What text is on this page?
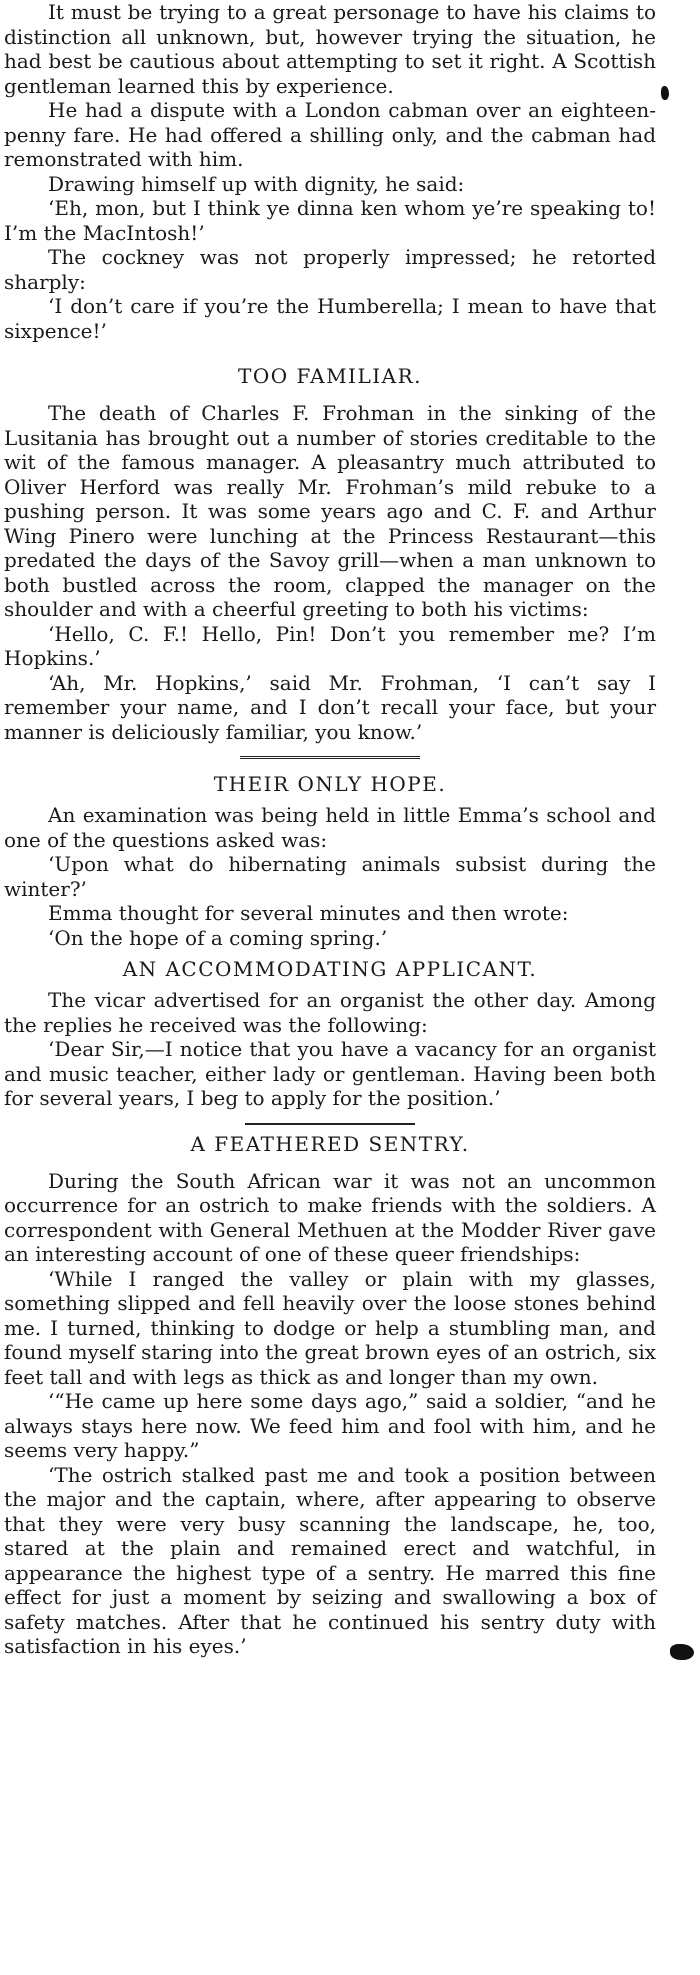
It must be trying to a great personage to have his claims to distinction all unknown, but, however trying the situation, he had best be cautious about attempting to set it right. A Scottish gentleman learned this by experience.

He had a dispute with a London cabman over an eighteen-penny fare. He had offered a shilling only, and the cabman had remonstrated with him.

Drawing himself up with dignity, he said:

‘Eh, mon, but I think ye dinna ken whom ye’re speaking to! I’m the MacIntosh!’

The cockney was not properly impressed; he retorted sharply:

‘I don’t care if you’re the Humberella; I mean to have that sixpence!’

TOO FAMILIAR.

The death of Charles F. Frohman in the sinking of the Lusitania has brought out a number of stories creditable to the wit of the famous manager. A pleasantry much attributed to Oliver Herford was really Mr. Frohman’s mild rebuke to a pushing person. It was some years ago and C. F. and Arthur Wing Pinero were lunching at the Princess Restaurant—this predated the days of the Savoy grill—when a man unknown to both bustled across the room, clapped the manager on the shoulder and with a cheerful greeting to both his victims:

‘Hello, C. F.! Hello, Pin! Don’t you remember me? I’m Hopkins.’

‘Ah, Mr. Hopkins,’ said Mr. Frohman, ‘I can’t say I remember your name, and I don’t recall your face, but your manner is deliciously familiar, you know.’

THEIR ONLY HOPE.

An examination was being held in little Emma’s school and one of the questions asked was:

‘Upon what do hibernating animals subsist during the winter?’

Emma thought for several minutes and then wrote:

‘On the hope of a coming spring.’

AN ACCOMMODATING APPLICANT.

The vicar advertised for an organist the other day. Among the replies he received was the following:

‘Dear Sir,—I notice that you have a vacancy for an organist and music teacher, either lady or gentleman. Having been both for several years, I beg to apply for the position.’

A FEATHERED SENTRY.

During the South African war it was not an uncommon occurrence for an ostrich to make friends with the soldiers. A correspondent with General Methuen at the Modder River gave an interesting account of one of these queer friendships:

‘While I ranged the valley or plain with my glasses, something slipped and fell heavily over the loose stones behind me. I turned, thinking to dodge or help a stumbling man, and found myself staring into the great brown eyes of an ostrich, six feet tall and with legs as thick as and longer than my own.

‘“He came up here some days ago,” said a soldier, “and he always stays here now. We feed him and fool with him, and he seems very happy.”

‘The ostrich stalked past me and took a position between the major and the captain, where, after appearing to observe that they were very busy scanning the landscape, he, too, stared at the plain and remained erect and watchful, in appearance the highest type of a sentry. He marred this fine effect for just a moment by seizing and swallowing a box of safety matches. After that he continued his sentry duty with satisfaction in his eyes.’
